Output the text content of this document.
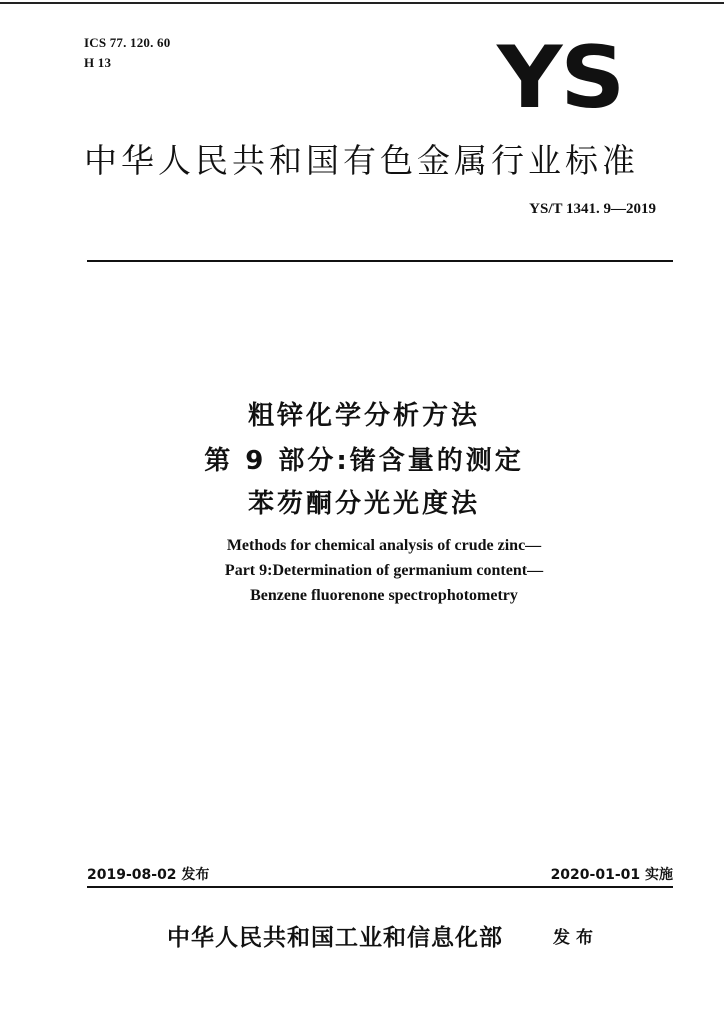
ICS 77. 120. 60
H 13	YS
中华人民共和国有色金属行业标准
YS/T 1341. 9—2019
粗锌化学分析方法
第 9 部分:锗含量的测定
苯芴酮分光光度法
Methods for chemical analysis of crude zinc—
Part 9:Determination of germanium content—
Benzene fluorenone spectrophotometry
2019-08-02 发布	2020-01-01 实施
中华人民共和国工业和信息化部	发布
